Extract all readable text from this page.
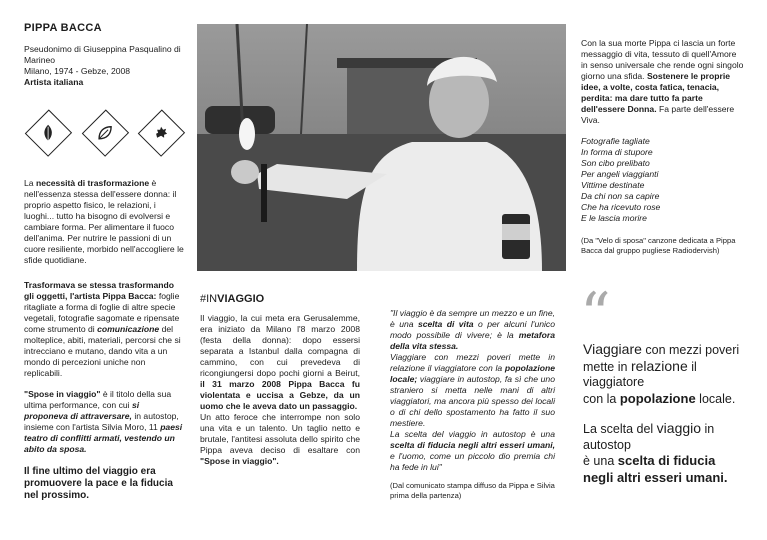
PIPPA BACCA
Pseudonimo di Giuseppina Pasqualino di Marineo
Milano, 1974 - Gebze, 2008
Artista italiana

La necessità di trasformazione è nell'essenza stessa dell'essere donna: il proprio aspetto fisico, le relazioni, i luoghi... tutto ha bisogno di evolversi e cambiare forma. Per alimentare il fuoco dell'anima. Per nutrire le passioni di un cuore resiliente, morbido nell'accogliere le sfide quotidiane.

Trasformava se stessa trasformando gli oggetti, l'artista Pippa Bacca: foglie ritagliate a forma di foglie di altre specie vegetali, fotografie sagomate e ripensate come strumento di comunicazione del molteplice, abiti, materiali, percorsi che si intrecciano e mutano, dando vita a un mondo di percezioni uniche non replicabili.

"Spose in viaggio" è il titolo della sua ultima performance, con cui si proponeva di attraversare, in autostop, insieme con l'artista Silvia Moro, 11 paesi teatro di conflitti armati, vestendo un abito da sposa.

Il fine ultimo del viaggio era promuovere la pace e la fiducia nel prossimo.

#INVIAGGIO

Il viaggio, la cui meta era Gerusalemme, era iniziato da Milano l'8 marzo 2008 (festa della donna): dopo essersi separata a Istanbul dalla compagna di cammino, con cui prevedeva di ricongiungersi dopo pochi giorni a Beirut, il 31 marzo 2008 Pippa Bacca fu violentata e uccisa a Gebze, da un uomo che le aveva dato un passaggio.

Un atto feroce che interrompe non solo una vita e un talento. Un taglio netto e brutale, l'antitesi assoluta dello spirito che Pippa aveva deciso di esaltare con "Spose in viaggio".

"Il viaggio è da sempre un mezzo e un fine, è una scelta di vita o per alcuni l'unico modo possibile di vivere; è la metafora della vita stessa.

Viaggiare con mezzi poveri mette in relazione il viaggiatore con la popolazione locale; viaggiare in autostop, fa sì che uno straniero si metta nelle mani di altri viaggiatori, ma ancora più spesso dei locali o di chi dello spostamento ha fatto il suo mestiere.

La scelta del viaggio in autostop è una scelta di fiducia negli altri esseri umani, e l'uomo, come un piccolo dio premia chi ha fede in lui"

(Dal comunicato stampa diffuso da Pippa e Silvia prima della partenza)

Con la sua morte Pippa ci lascia un forte messaggio di vita, tessuto di quell'Amore in senso universale che rende ogni singolo giorno una sfida. Sostenere le proprie idee, a volte, costa fatica, tenacia, perdita: ma dare tutto fa parte dell'essere Donna. Fa parte dell'essere Viva.

Fotografie tagliate

In forma di stupore

Son cibo prelibato

Per angeli viaggianti

Vittime destinate

Da chi non sa capire

Che ha ricevuto rose

E le lascia morire

(Da "Velo di sposa" canzone dedicata a Pippa Bacca dal gruppo pugliese Radiodervish)

“
Viaggiare con mezzi poveri
mette in relazione il viaggiatore
con la popolazione locale.
La scelta del viaggio in autostop
è una scelta di fiducia
negli altri esseri umani.
